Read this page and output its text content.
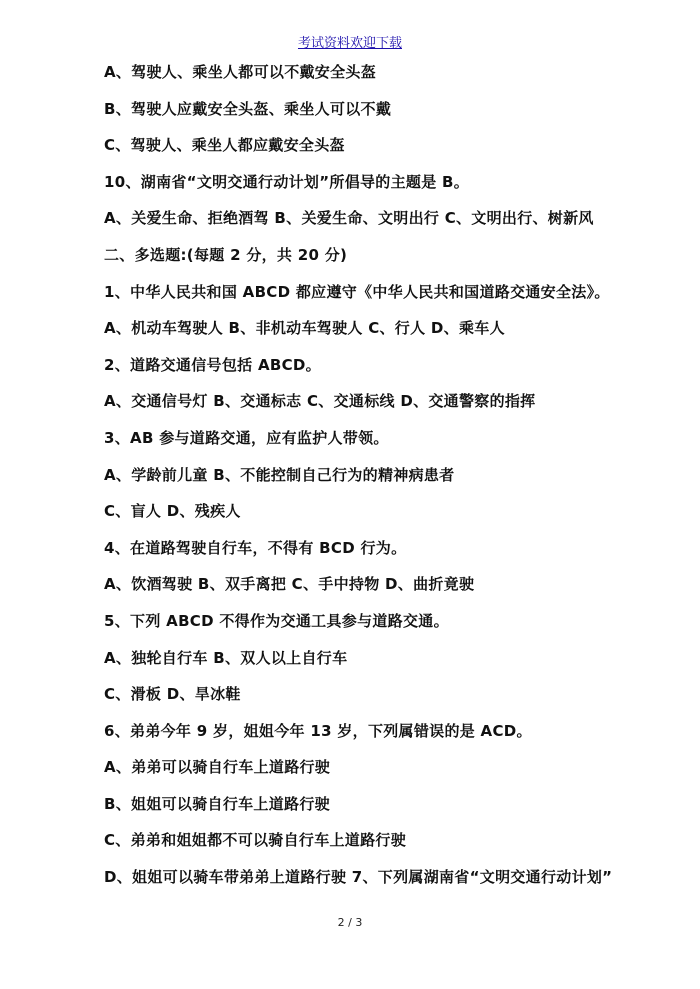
考试资料欢迎下载
A、驾驶人、乘坐人都可以不戴安全头盔
B、驾驶人应戴安全头盔、乘坐人可以不戴
C、驾驶人、乘坐人都应戴安全头盔
10、湖南省“文明交通行动计划”所倡导的主题是 B。
A、关爱生命、拒绝酒驾 B、关爱生命、文明出行 C、文明出行、树新风
二、多选题:(每题 2 分，共 20 分)
1、中华人民共和国 ABCD 都应遵守《中华人民共和国道路交通安全法》。
A、机动车驾驶人 B、非机动车驾驶人 C、行人 D、乘车人
2、道路交通信号包括 ABCD。
A、交通信号灯 B、交通标志 C、交通标线 D、交通警察的指挥
3、AB 参与道路交通，应有监护人带领。
A、学龄前儿童 B、不能控制自己行为的精神病患者
C、盲人 D、残疾人
4、在道路驾驶自行车，不得有 BCD 行为。
A、饮酒驾驶 B、双手离把 C、手中持物 D、曲折竟驶
5、下列 ABCD 不得作为交通工具参与道路交通。
A、独轮自行车 B、双人以上自行车
C、滑板 D、旱冰鞋
6、弟弟今年 9 岁，姐姐今年 13 岁，下列属错误的是 ACD。
A、弟弟可以骑自行车上道路行驶
B、姐姐可以骑自行车上道路行驶
C、弟弟和姐姐都不可以骑自行车上道路行驶
D、姐姐可以骑车带弟弟上道路行驶 7、下列属湖南省“文明交通行动计划”
2 / 3
